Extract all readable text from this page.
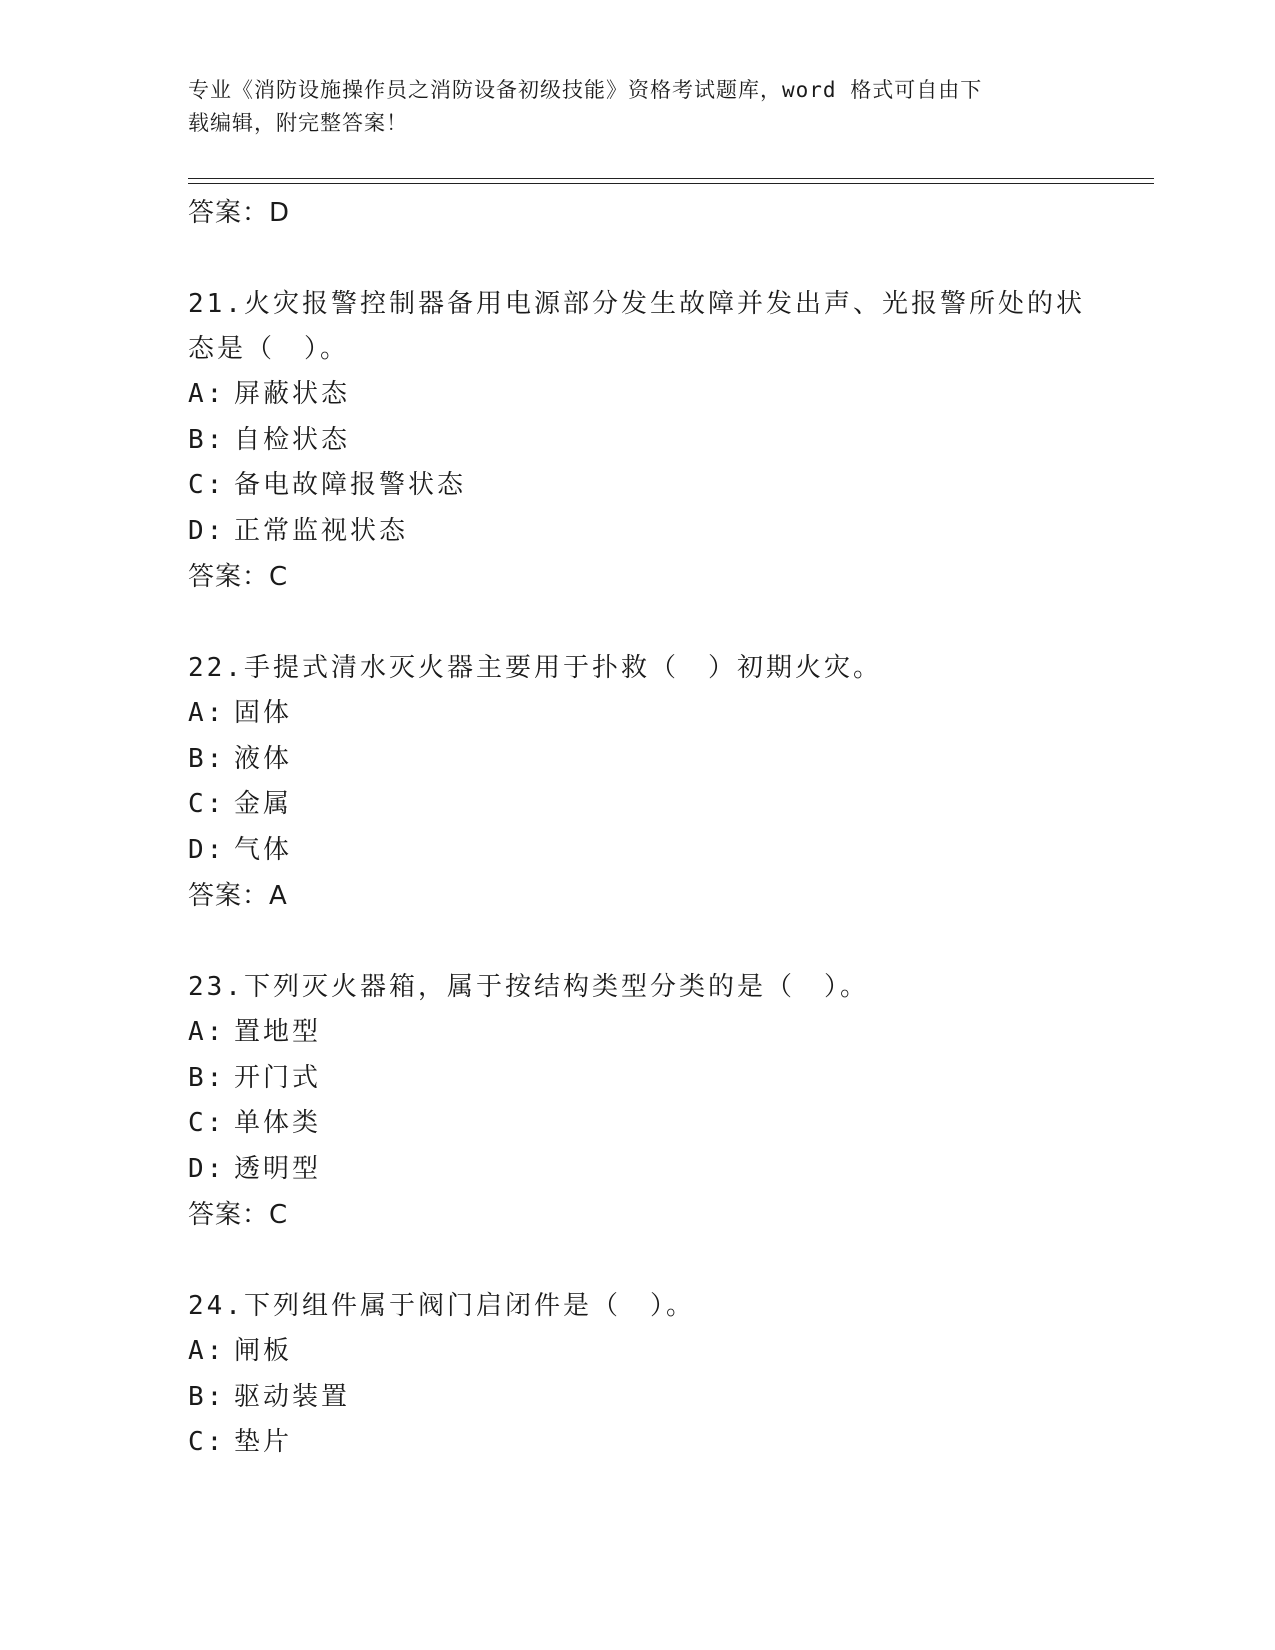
专业《消防设施操作员之消防设备初级技能》资格考试题库，word 格式可自由下
载编辑，附完整答案！
答案：D
21.火灾报警控制器备用电源部分发生故障并发出声、光报警所处的状
态是（　）。
A: 屏蔽状态
B: 自检状态
C: 备电故障报警状态
D: 正常监视状态
答案：C
22.手提式清水灭火器主要用于扑救（　）初期火灾。
A: 固体
B: 液体
C: 金属
D: 气体
答案：A
23.下列灭火器箱，属于按结构类型分类的是（　）。
A: 置地型
B: 开门式
C: 单体类
D: 透明型
答案：C
24.下列组件属于阀门启闭件是（　）。
A: 闸板
B: 驱动装置
C: 垫片
